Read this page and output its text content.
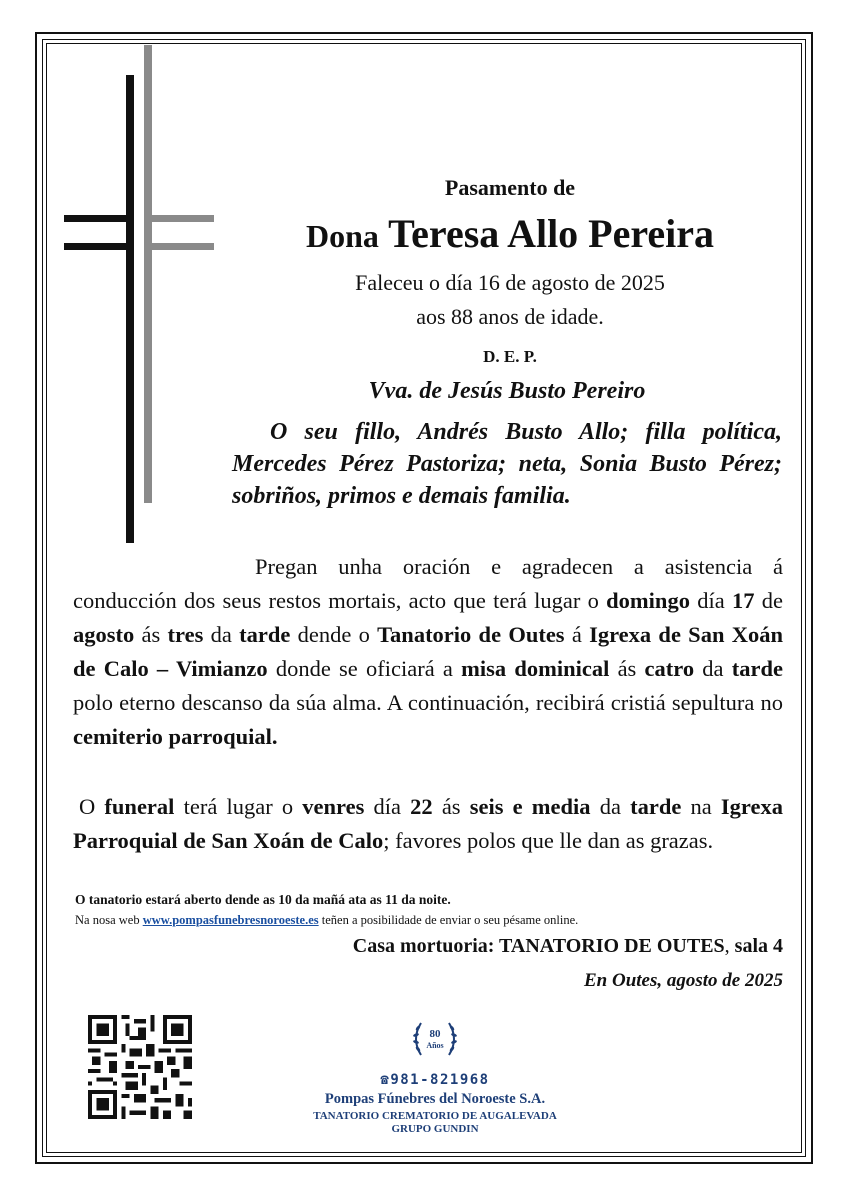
Pasamento de
Dona Teresa Allo Pereira
Faleceu o día 16 de agosto de 2025
aos 88 anos de idade.
D. E. P.
Vva. de Jesús Busto Pereiro
O seu fillo, Andrés Busto Allo; filla política, Mercedes Pérez Pastoriza; neta, Sonia Busto Pérez; sobriños, primos e demais familia.
Pregan unha oración e agradecen a asistencia á conducción dos seus restos mortais, acto que terá lugar o domingo día 17 de agosto ás tres da tarde dende o Tanatorio de Outes á Igrexa de San Xoán de Calo – Vimianzo donde se oficiará a misa dominical ás catro da tarde polo eterno descanso da súa alma. A continuación, recibirá cristiá sepultura no cemiterio parroquial.
O funeral terá lugar o venres día 22 ás seis e media da tarde na Igrexa Parroquial de San Xoán de Calo; favores polos que lle dan as grazas.
O tanatorio estará aberto dende as 10 da mañá ata as 11 da noite.
Na nosa web www.pompasfunebresnoroeste.es teñen a posibilidade de enviar o seu pésame online.
Casa mortuoria: TANATORIO DE OUTES, sala 4
En Outes, agosto de 2025
80
Años
☎981-821968
Pompas Fúnebres del Noroeste S.A.
TANATORIO CREMATORIO DE AUGALEVADA
GRUPO GUNDIN
